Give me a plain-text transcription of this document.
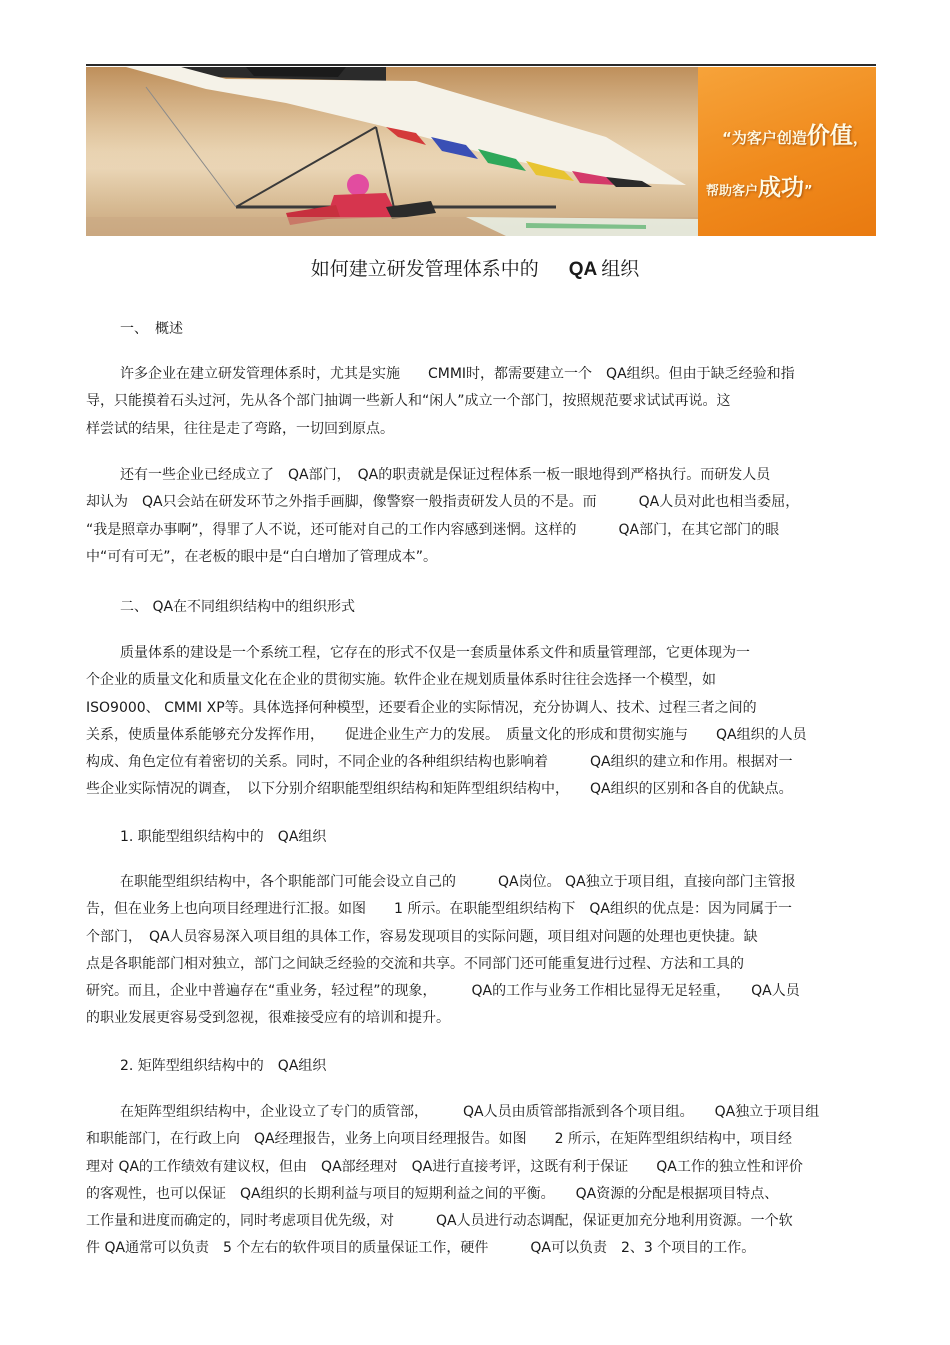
“为客户创造价值，
帮助客户成功”
如何建立研发管理体系中的 QA 组织
一、　概述
许多企业在建立研发管理体系时，尤其是实施　　CMMI时，都需要建立一个　QA组织。但由于缺乏经验和指
导，只能摸着石头过河，先从各个部门抽调一些新人和“闲人”成立一个部门，按照规范要求试试再说。这
样尝试的结果，往往是走了弯路，一切回到原点。
还有一些企业已经成立了　QA部门，　QA的职责就是保证过程体系一板一眼地得到严格执行。而研发人员
却认为　QA只会站在研发环节之外指手画脚，像警察一般指责研发人员的不是。而　　　QA人员对此也相当委屈，
“我是照章办事啊”，得罪了人不说，还可能对自己的工作内容感到迷惘。这样的　　　QA部门，在其它部门的眼
中“可有可无”，在老板的眼中是“白白增加了管理成本”。
二、 QA在不同组织结构中的组织形式
质量体系的建设是一个系统工程，它存在的形式不仅是一套质量体系文件和质量管理部，它更体现为一
个企业的质量文化和质量文化在企业的贯彻实施。软件企业在规划质量体系时往往会选择一个模型，如
ISO9000、 CMMI XP等。具体选择何种模型，还要看企业的实际情况，充分协调人、技术、过程三者之间的
关系，使质量体系能够充分发挥作用，　　促进企业生产力的发展。　质量文化的形成和贯彻实施与　　QA组织的人员
构成、角色定位有着密切的关系。同时，不同企业的各种组织结构也影响着　　　QA组织的建立和作用。根据对一
些企业实际情况的调查，　以下分别介绍职能型组织结构和矩阵型组织结构中，　　QA组织的区别和各自的优缺点。
1. 职能型组织结构中的　QA组织
在职能型组织结构中，各个职能部门可能会设立自己的　　　QA岗位。 QA独立于项目组，直接向部门主管报
告，但在业务上也向项目经理进行汇报。如图　　1 所示。在职能型组织结构下　QA组织的优点是：因为同属于一
个部门，　QA人员容易深入项目组的具体工作，容易发现项目的实际问题，项目组对问题的处理也更快捷。缺
点是各职能部门相对独立，部门之间缺乏经验的交流和共享。不同部门还可能重复进行过程、方法和工具的
研究。而且，企业中普遍存在“重业务，轻过程”的现象，　　　QA的工作与业务工作相比显得无足轻重，　　QA人员
的职业发展更容易受到忽视，很难接受应有的培训和提升。
2. 矩阵型组织结构中的　QA组织
在矩阵型组织结构中，企业设立了专门的质管部，　　　QA人员由质管部指派到各个项目组。　　QA独立于项目组
和职能部门，在行政上向　QA经理报告，业务上向项目经理报告。如图　　2 所示，在矩阵型组织结构中，项目经
理对 QA的工作绩效有建议权，但由　QA部经理对　QA进行直接考评，这既有利于保证　　QA工作的独立性和评价
的客观性，也可以保证　QA组织的长期利益与项目的短期利益之间的平衡。　　QA资源的分配是根据项目特点、
工作量和进度而确定的，同时考虑项目优先级，对　　　QA人员进行动态调配，保证更加充分地利用资源。一个软
件 QA通常可以负责　5 个左右的软件项目的质量保证工作，硬件　　　QA可以负责　2、3 个项目的工作。
